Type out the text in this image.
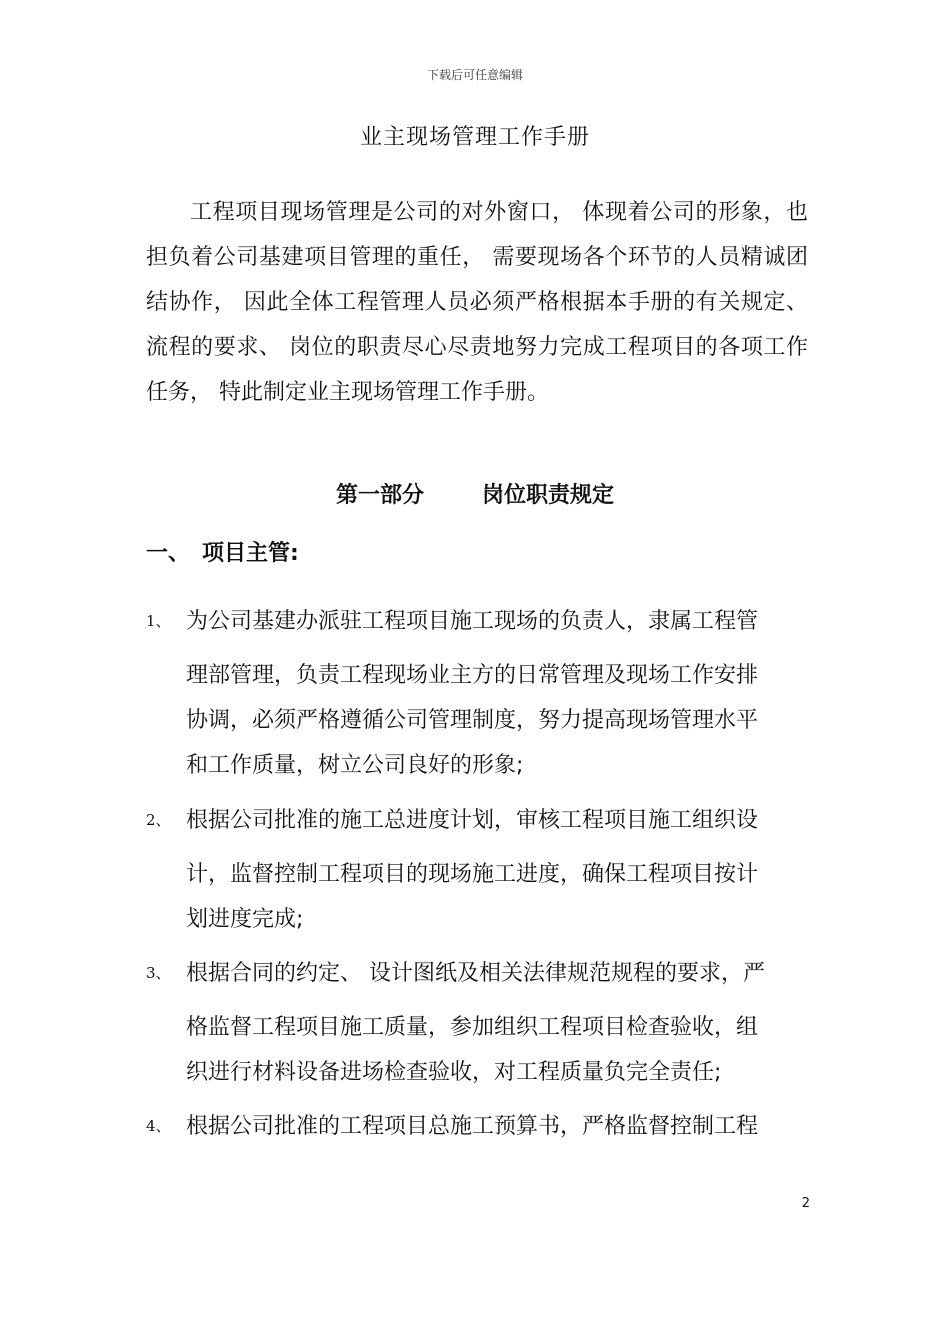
下载后可任意编辑
业主现场管理工作手册

工程项目现场管理是公司的对外窗口， 体现着公司的形象，也担负着公司基建项目管理的重任， 需要现场各个环节的人员精诚团结协作， 因此全体工程管理人员必须严格根据本手册的有关规定、 流程的要求、 岗位的职责尽心尽责地努力完成工程项目的各项工作任务， 特此制定业主现场管理工作手册。

第一部分	岗位职责规定
一、 项目主管:
1、 为公司基建办派驻工程项目施工现场的负责人，隶属工程管
理部管理，负责工程现场业主方的日常管理及现场工作安排
协调，必须严格遵循公司管理制度，努力提高现场管理水平
和工作质量，树立公司良好的形象;
2、 根据公司批准的施工总进度计划，审核工程项目施工组织设
计，监督控制工程项目的现场施工进度，确保工程项目按计
划进度完成;
3、 根据合同的约定、 设计图纸及相关法律规范规程的要求，严
格监督工程项目施工质量，参加组织工程项目检查验收，组
织进行材料设备进场检查验收，对工程质量负完全责任;
4、 根据公司批准的工程项目总施工预算书，严格监督控制工程
2
